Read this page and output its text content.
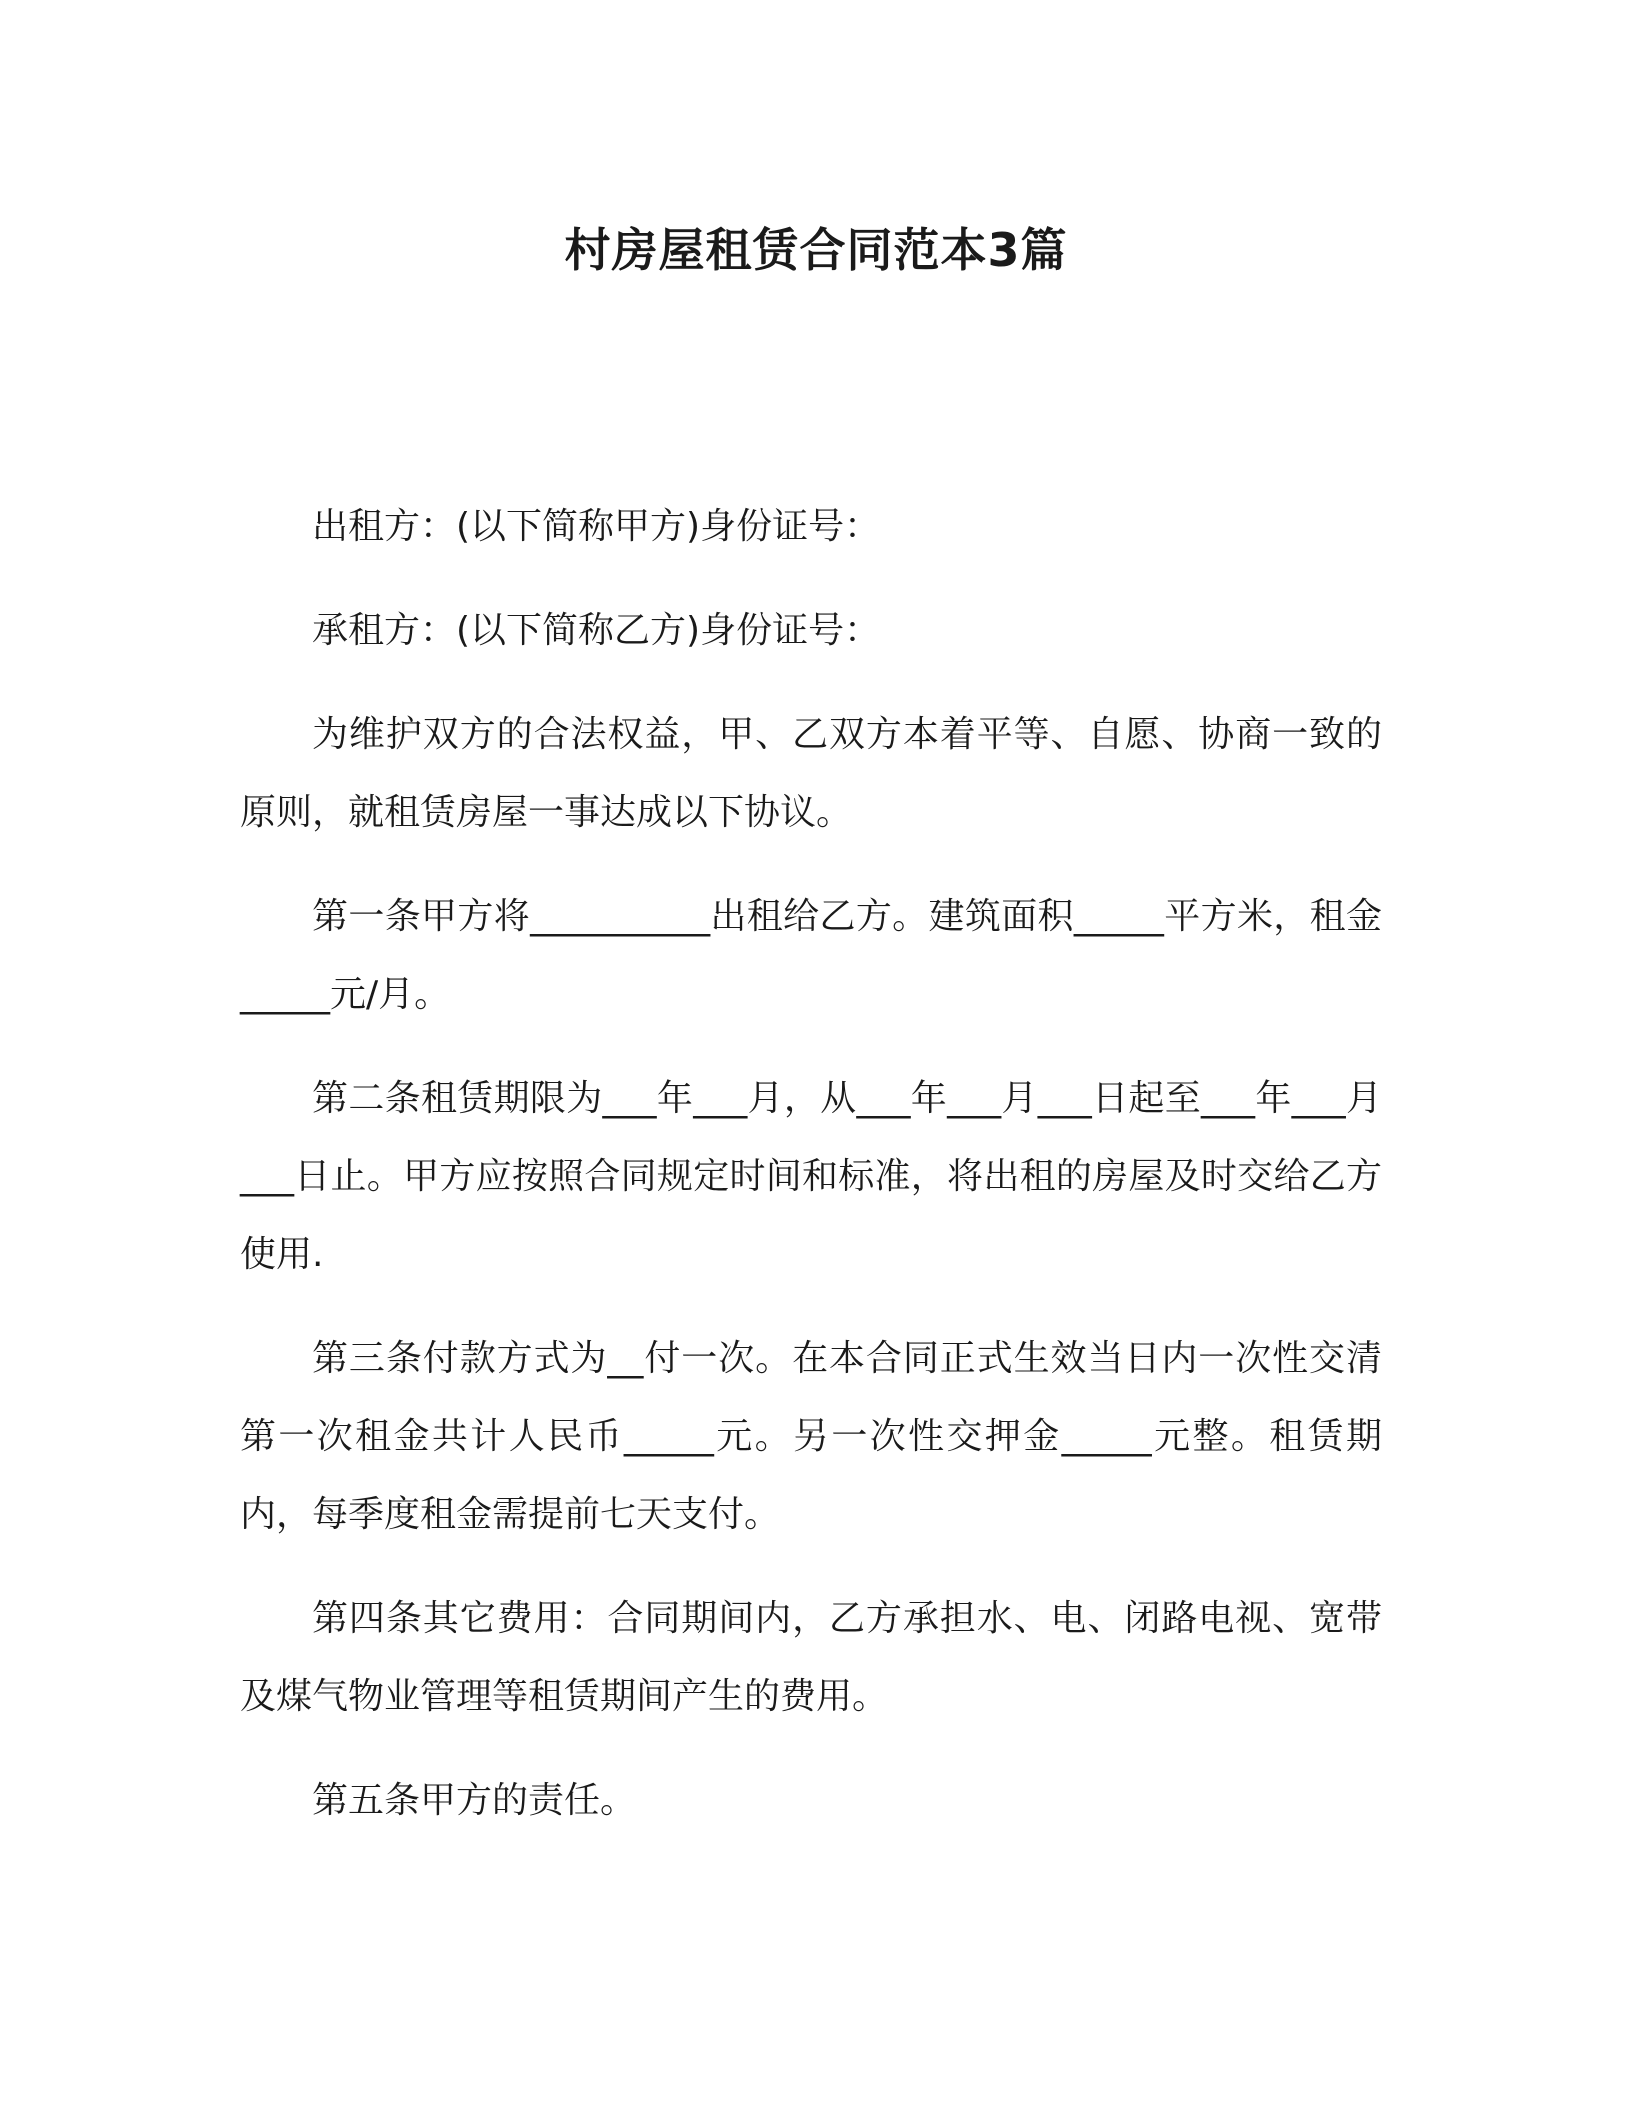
村房屋租赁合同范本3篇

出租方：(以下简称甲方)身份证号：

承租方：(以下简称乙方)身份证号：

为维护双方的合法权益，甲、乙双方本着平等、自愿、协商一致的原则，就租赁房屋一事达成以下协议。

第一条甲方将__________出租给乙方。建筑面积_____平方米，租金_____元/月。

第二条租赁期限为___年___月，从___年___月___日起至___年___月___日止。甲方应按照合同规定时间和标准，将出租的房屋及时交给乙方使用.

第三条付款方式为__付一次。在本合同正式生效当日内一次性交清第一次租金共计人民币_____元。另一次性交押金_____元整。租赁期内，每季度租金需提前七天支付。

第四条其它费用：合同期间内，乙方承担水、电、闭路电视、宽带及煤气物业管理等租赁期间产生的费用。

第五条甲方的责任。
